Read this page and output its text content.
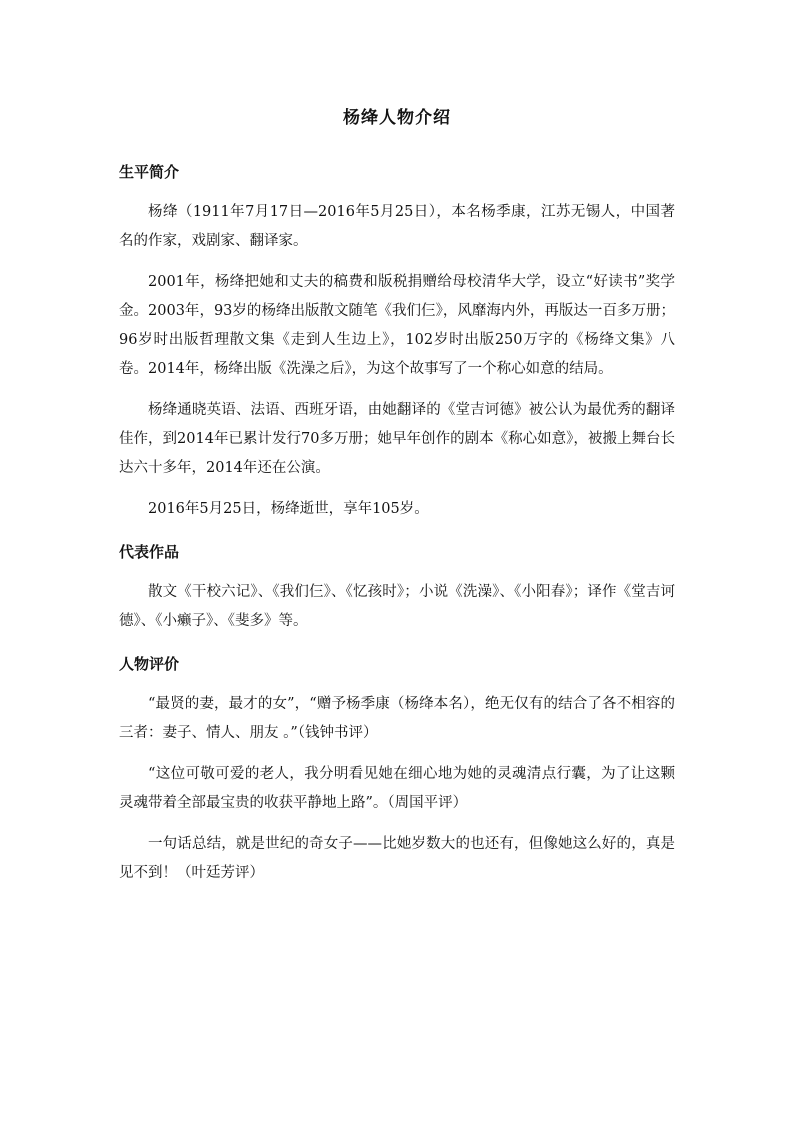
杨绛人物介绍
生平简介

杨绛（1911年7月17日—2016年5月25日），本名杨季康，江苏无锡人，中国著名的作家，戏剧家、翻译家。

2001年，杨绛把她和丈夫的稿费和版税捐赠给母校清华大学，设立“好读书”奖学金。2003年，93岁的杨绛出版散文随笔《我们仨》，风靡海内外，再版达一百多万册；96岁时出版哲理散文集《走到人生边上》，102岁时出版250万字的《杨绛文集》八卷。2014年，杨绛出版《洗澡之后》，为这个故事写了一个称心如意的结局。

杨绛通晓英语、法语、西班牙语，由她翻译的《堂吉诃德》被公认为最优秀的翻译佳作，到2014年已累计发行70多万册；她早年创作的剧本《称心如意》，被搬上舞台长达六十多年，2014年还在公演。

2016年5月25日，杨绛逝世，享年105岁。

代表作品

散文《干校六记》、《我们仨》、《忆孩时》；小说《洗澡》、《小阳春》；译作《堂吉诃德》、《小癞子》、《斐多》等。

人物评价

“最贤的妻，最才的女”，“赠予杨季康（杨绛本名），绝无仅有的结合了各不相容的三者：妻子、情人、朋友 。”（钱钟书评）

“这位可敬可爱的老人，我分明看见她在细心地为她的灵魂清点行囊，为了让这颗灵魂带着全部最宝贵的收获平静地上路”。（周国平评）

一句话总结，就是世纪的奇女子——比她岁数大的也还有，但像她这么好的，真是见不到！（叶廷芳评）
